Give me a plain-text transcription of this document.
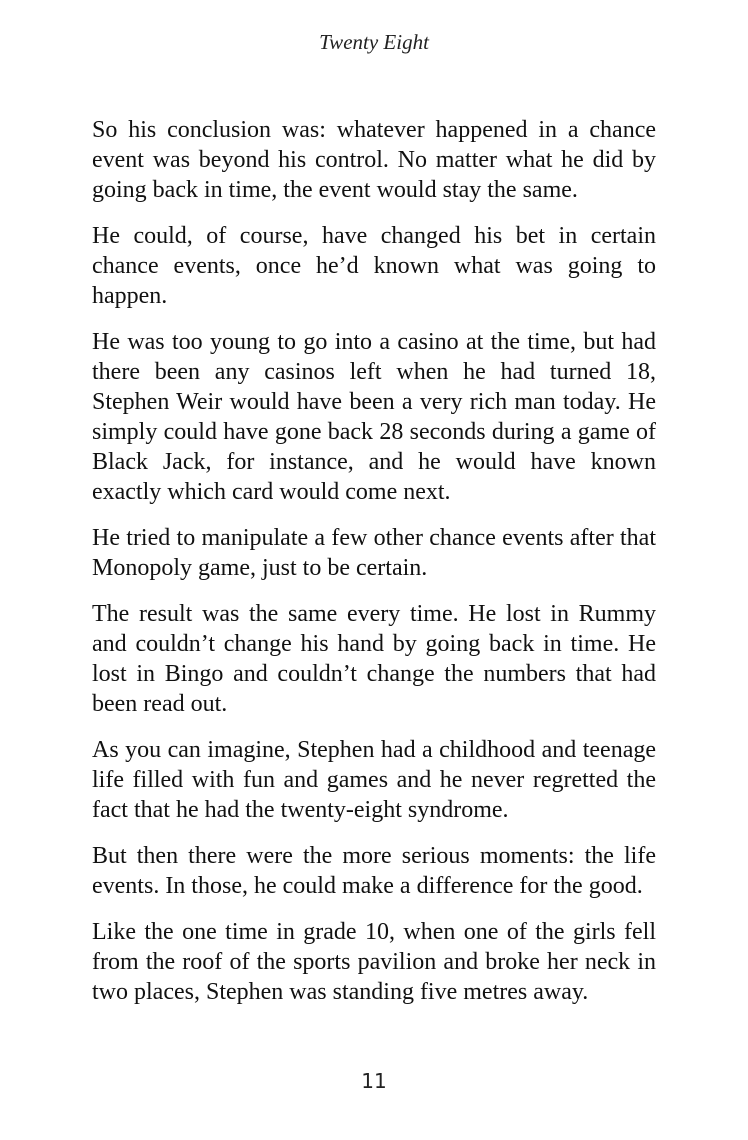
Twenty Eight

So his conclusion was: whatever happened in a chance event was beyond his control. No matter what he did by going back in time, the event would stay the same.

He could, of course, have changed his bet in certain chance events, once he’d known what was going to happen.

He was too young to go into a casino at the time, but had there been any casinos left when he had turned 18, Stephen Weir would have been a very rich man today. He simply could have gone back 28 seconds during a game of Black Jack, for instance, and he would have known exactly which card would come next.

He tried to manipulate a few other chance events after that Monopoly game, just to be certain.

The result was the same every time. He lost in Rummy and couldn’t change his hand by going back in time. He lost in Bingo and couldn’t change the numbers that had been read out.

As you can imagine, Stephen had a childhood and teenage life filled with fun and games and he never regretted the fact that he had the twenty-eight syndrome.

But then there were the more serious moments: the life events. In those, he could make a difference for the good.

Like the one time in grade 10, when one of the girls fell from the roof of the sports pavilion and broke her neck in two places, Stephen was standing five metres away.

11
